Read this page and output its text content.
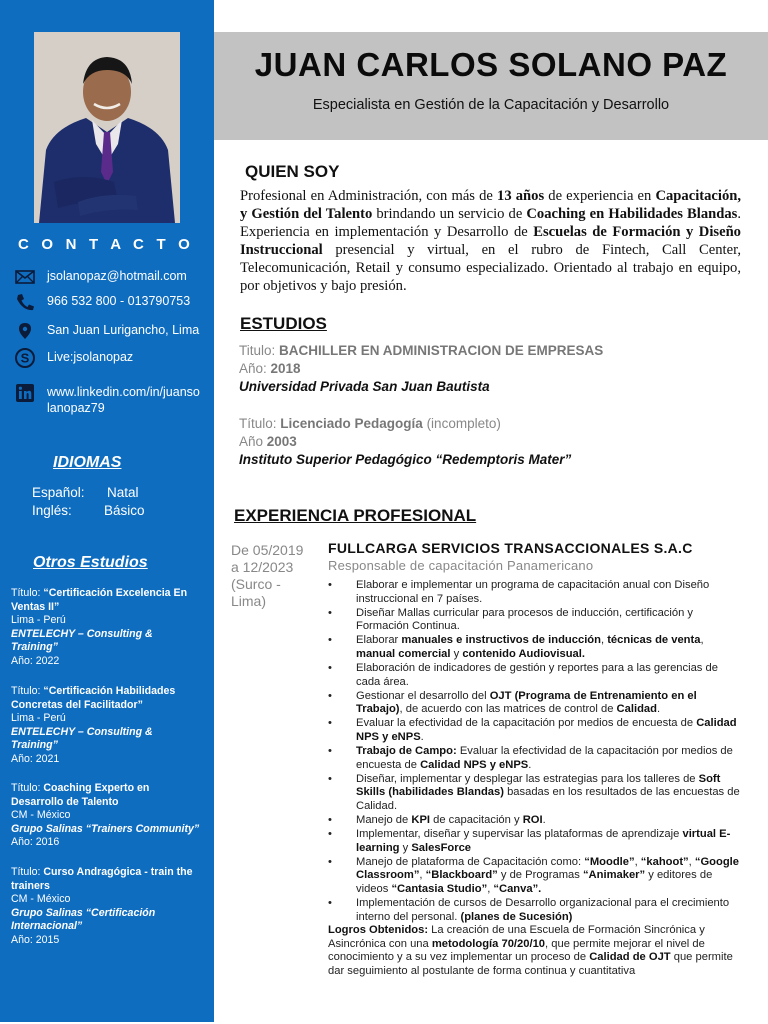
JUAN CARLOS SOLANO PAZ
Especialista en Gestión de la Capacitación y Desarrollo
C O N T A C T O
jsolanopaz@hotmail.com
966 532 800 - 013790753
San Juan Lurigancho, Lima
S Live:jsolanopaz
www.linkedin.com/in/juanso
lanopaz79
IDIOMAS
Español: Natal
Inglés: Básico
Otros Estudios
Título: “Certificación Excelencia En
Ventas II”
Lima - Perú
ENTELECHY – Consulting &
Training”
Año: 2022
Título: “Certificación Habilidades
Concretas del Facilitador”
Lima - Perú
ENTELECHY – Consulting &
Training”
Año: 2021
Título: Coaching Experto en
Desarrollo de Talento
CM - México
Grupo Salinas “Trainers Community”
Año: 2016
Título: Curso Andragógica - train the
trainers
CM - México
Grupo Salinas “Certificación
Internacional”
Año: 2015
QUIEN SOY
Profesional en Administración, con más de 13 años de experiencia en Capacitación, y Gestión del Talento brindando un servicio de Coaching en Habilidades Blandas. Experiencia en implementación y Desarrollo de Escuelas de Formación y Diseño Instruccional presencial y virtual, en el rubro de Fintech, Call Center, Telecomunicación, Retail y consumo especializado. Orientado al trabajo en equipo, por objetivos y bajo presión.
ESTUDIOS
Titulo: BACHILLER EN ADMINISTRACION DE EMPRESAS
Año: 2018
Universidad Privada San Juan Bautista
Título: Licenciado Pedagogía (incompleto)
Año 2003
Instituto Superior Pedagógico “Redemptoris Mater”
EXPERIENCIA PROFESIONAL
De 05/2019
a 12/2023
(Surco -
Lima)
FULLCARGA SERVICIOS TRANSACCIONALES S.A.C
Responsable de capacitación Panamericano
• Elaborar e implementar un programa de capacitación anual con Diseño instruccional en 7 países.
• Diseñar Mallas curricular para procesos de inducción, certificación y Formación Continua.
• Elaborar manuales e instructivos de inducción, técnicas de venta, manual comercial y contenido Audiovisual.
• Elaboración de indicadores de gestión y reportes para a las gerencias de cada área.
• Gestionar el desarrollo del OJT (Programa de Entrenamiento en el Trabajo), de acuerdo con las matrices de control de Calidad.
• Evaluar la efectividad de la capacitación por medios de encuesta de Calidad NPS y eNPS.
• Trabajo de Campo: Evaluar la efectividad de la capacitación por medios de encuesta de Calidad NPS y eNPS.
• Diseñar, implementar y desplegar las estrategias para los talleres de Soft Skills (habilidades Blandas) basadas en los resultados de las encuestas de Calidad.
• Manejo de KPI de capacitación y ROI.
• Implementar, diseñar y supervisar las plataformas de aprendizaje virtual E-learning y SalesForce
• Manejo de plataforma de Capacitación como: “Moodle”, “kahoot”, “Google Classroom”, “Blackboard” y de Programas “Animaker” y editores de videos “Cantasia Studio”, “Canva”.
• Implementación de cursos de Desarrollo organizacional para el crecimiento interno del personal. (planes de Sucesión)
Logros Obtenidos: La creación de una Escuela de Formación Sincrónica y Asincrónica con una metodología 70/20/10, que permite mejorar el nivel de conocimiento y a su vez implementar un proceso de Calidad de OJT que permite dar seguimiento al postulante de forma continua y cuantitativa
